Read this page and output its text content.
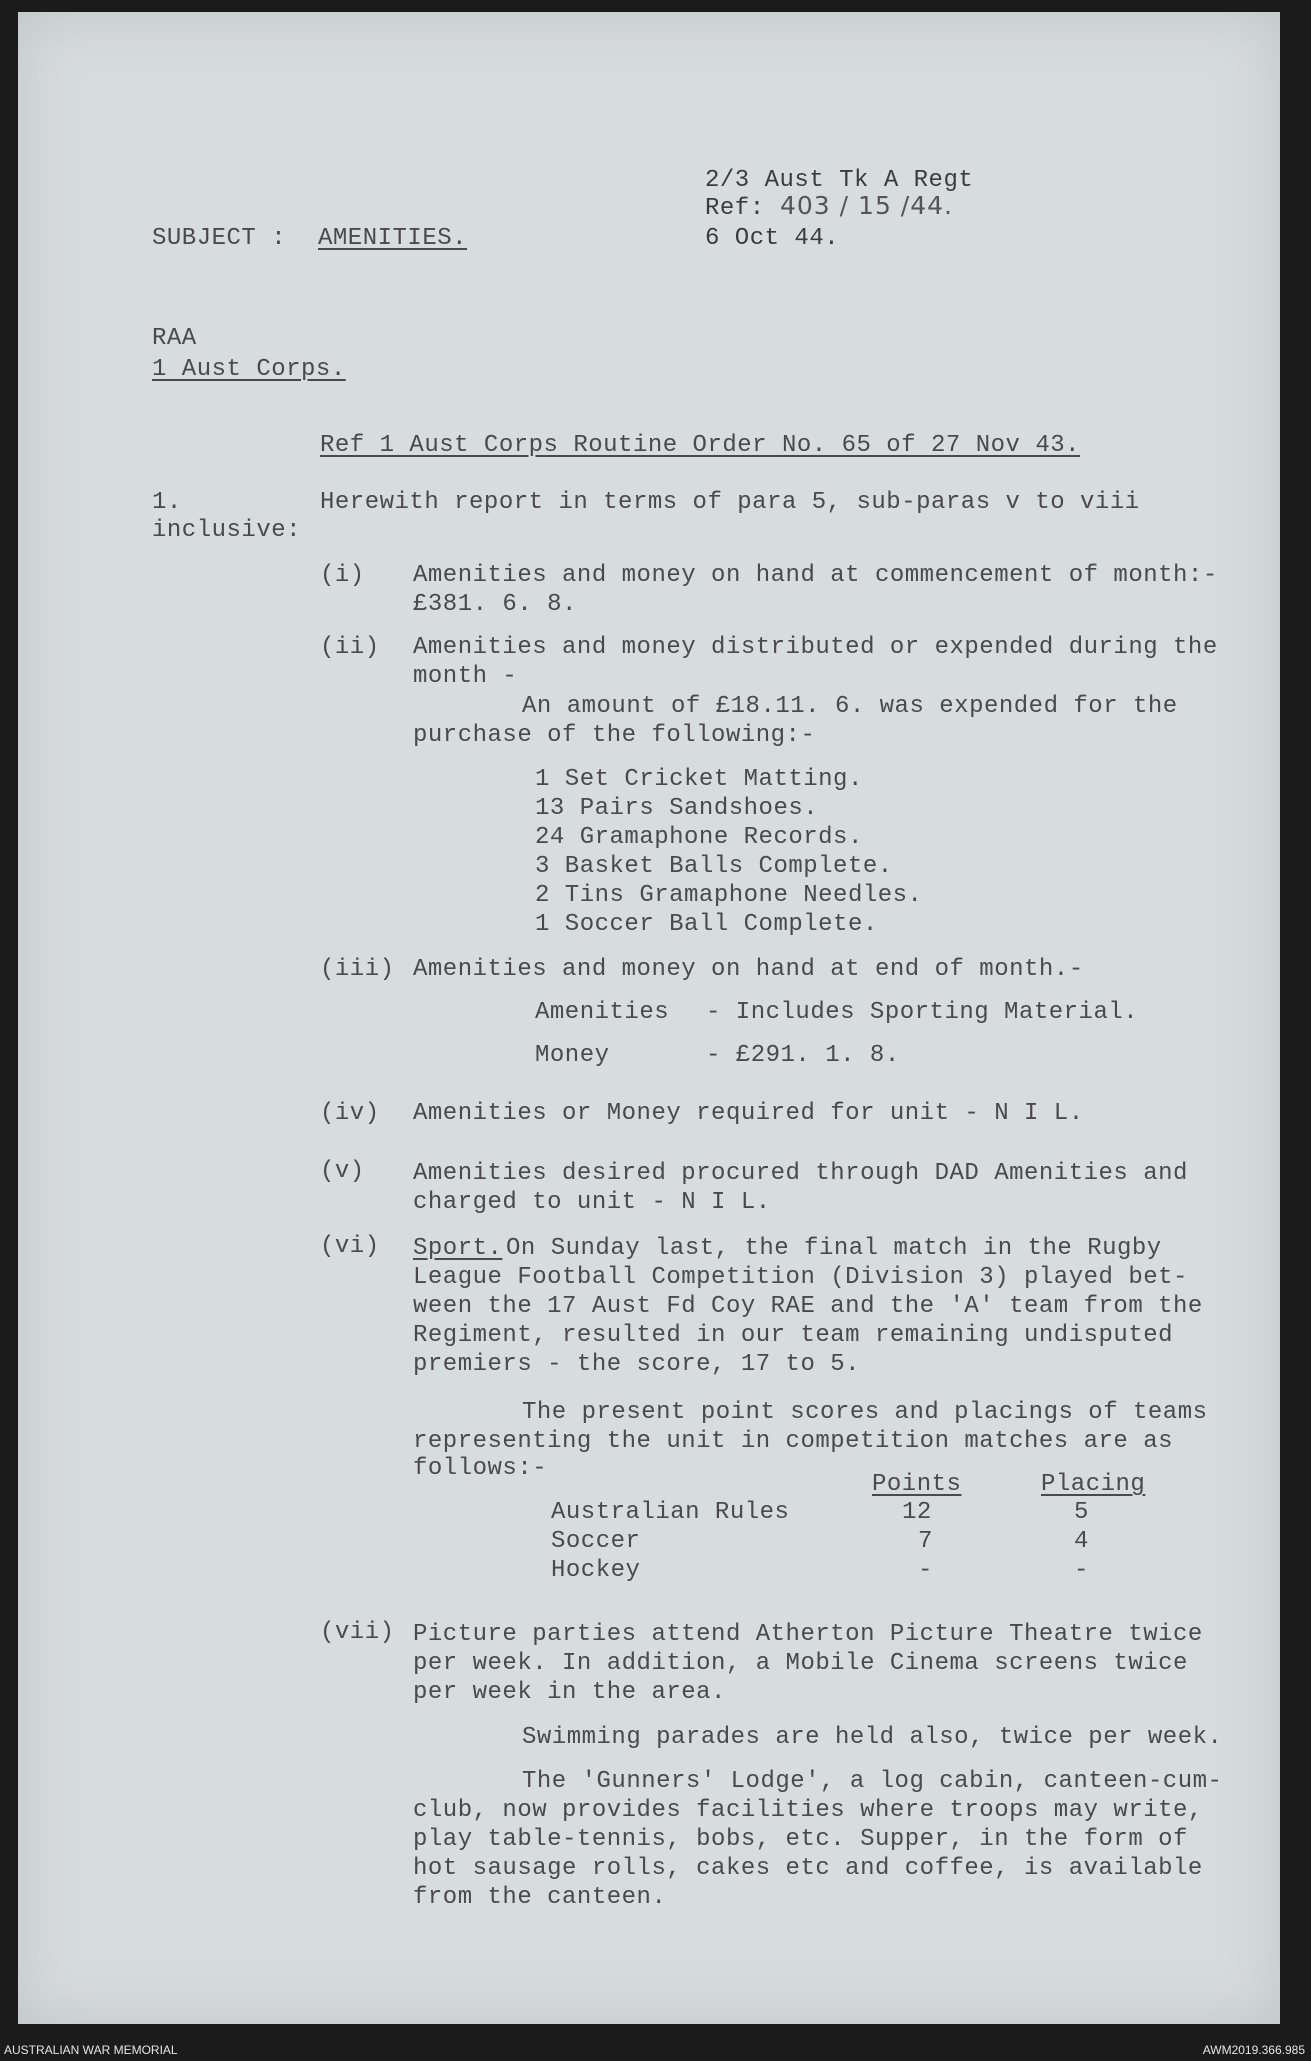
2/3 Aust Tk A Regt
Ref: 403 / 15 /44.
6 Oct 44.
SUBJECT : AMENITIES.
RAA
1 Aust Corps.
Ref 1 Aust Corps Routine Order No. 65 of 27 Nov 43.
1.	Herewith report in terms of para 5, sub-paras v to viii
inclusive:
(i) Amenities and money on hand at commencement of month:-
£381. 6. 8.
(ii) Amenities and money distributed or expended during the
month -
An amount of £18.11. 6. was expended for the
purchase of the following:-
1 Set Cricket Matting.
13 Pairs Sandshoes.
24 Gramaphone Records.
3 Basket Balls Complete.
2 Tins Gramaphone Needles.
1 Soccer Ball Complete.
(iii) Amenities and money on hand at end of month.-
Amenities - Includes Sporting Material.
Money	- £291. 1. 8.
(iv) Amenities or Money required for unit - N I L.
(v) Amenities desired procured through DAD Amenities and
charged to unit - N I L.
(vi) Sport. On Sunday last, the final match in the Rugby
League Football Competition (Division 3) played bet-
ween the 17 Aust Fd Coy RAE and the 'A' team from the
Regiment, resulted in our team remaining undisputed
premiers - the score, 17 to 5.
The present point scores and placings of teams
representing the unit in competition matches are as
follows:-
Points	Placing
Australian Rules	12	5
Soccer	7	4
Hockey	-	-
(vii) Picture parties attend Atherton Picture Theatre twice
per week. In addition, a Mobile Cinema screens twice
per week in the area.
Swimming parades are held also, twice per week.
The 'Gunners' Lodge', a log cabin, canteen-cum-
club, now provides facilities where troops may write,
play table-tennis, bobs, etc. Supper, in the form of
hot sausage rolls, cakes etc and coffee, is available
from the canteen.
AUSTRALIAN WAR MEMORIAL	AWM2019.366.985
